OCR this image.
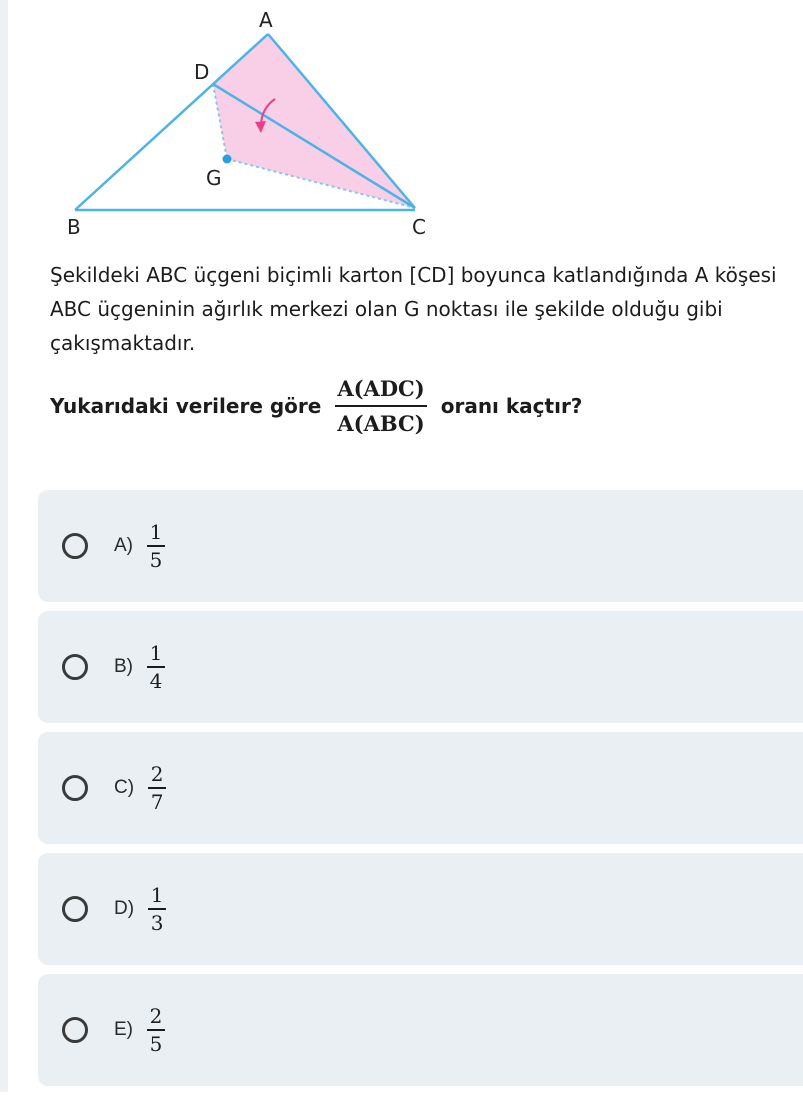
A
D
G
B	C
Şekildeki ABC üçgeni biçimli karton [CD] boyunca katlandığında A köşesi ABC üçgeninin ağırlık merkezi olan G noktası ile şekilde olduğu gibi çakışmaktadır.
Yukarıdaki verilere göre $\frac{\text{A(ADC)}}{\text{A(ABC)}}$ oranı kaçtır?
$A) \frac{1}{5}$
$B) \frac{1}{4}$
$C) \frac{2}{7}$
$D) \frac{1}{3}$
$E) \frac{2}{5}$
